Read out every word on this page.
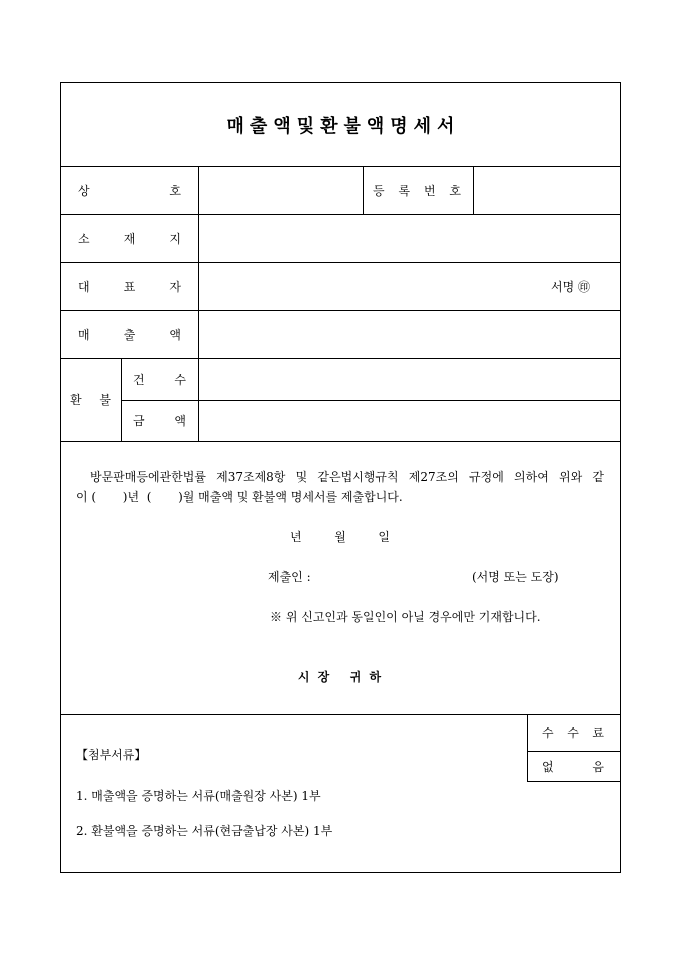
매출액및환불액명세서
상 호	등 록 번 호
소 재 지
대 표 자	서명 ㊞
매 출 액
환 불
건 수
금 액
방문판매등에관한법률 제37조제8항 및 같은법시행규칙 제27조의 규정에 의하여 위와 같
이 (       )년  (       )월 매출액 및 환불액 명세서를 제출합니다.
년 월 일
제출인 :	(서명 또는 도장)
※ 위 신고인과 동일인이 아닐 경우에만 기재합니다.
시 장   귀 하
수 수 료
없 음
【첨부서류】
1. 매출액을 증명하는 서류(매출원장 사본) 1부
2. 환불액을 증명하는 서류(현금출납장 사본) 1부
